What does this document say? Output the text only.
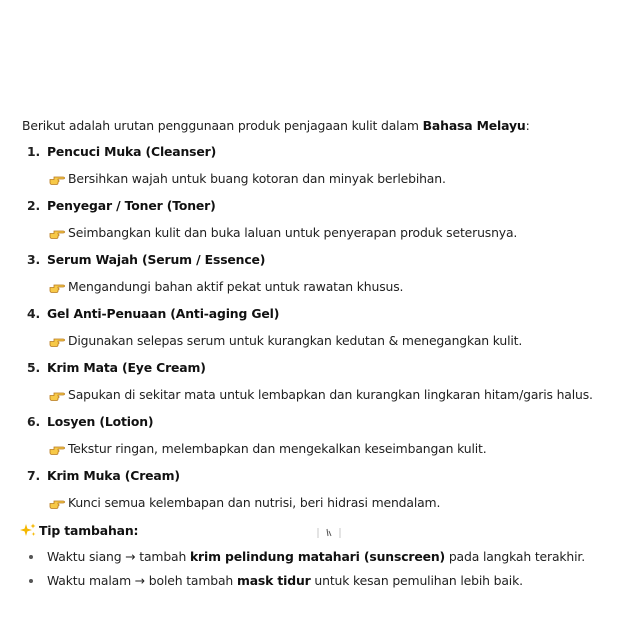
Berikut adalah urutan penggunaan produk penjagaan kulit dalam Bahasa Melayu:

1. Pencuci Muka (Cleanser)
Bersihkan wajah untuk buang kotoran dan minyak berlebihan.
2. Penyegar / Toner (Toner)
Seimbangkan kulit dan buka laluan untuk penyerapan produk seterusnya.
3. Serum Wajah (Serum / Essence)
Mengandungi bahan aktif pekat untuk rawatan khusus.
4. Gel Anti-Penuaan (Anti-aging Gel)
Digunakan selepas serum untuk kurangkan kedutan & menegangkan kulit.
5. Krim Mata (Eye Cream)
Sapukan di sekitar mata untuk lembapkan dan kurangkan lingkaran hitam/garis halus.
6. Losyen (Lotion)
Tekstur ringan, melembapkan dan mengekalkan keseimbangan kulit.
7. Krim Muka (Cream)
Kunci semua kelembapan dan nutrisi, beri hidrasi mendalam.
Tip tambahan:
Waktu siang → tambah krim pelindung matahari (sunscreen) pada langkah terakhir.
Waktu malam → boleh tambah mask tidur untuk kesan pemulihan lebih baik.
